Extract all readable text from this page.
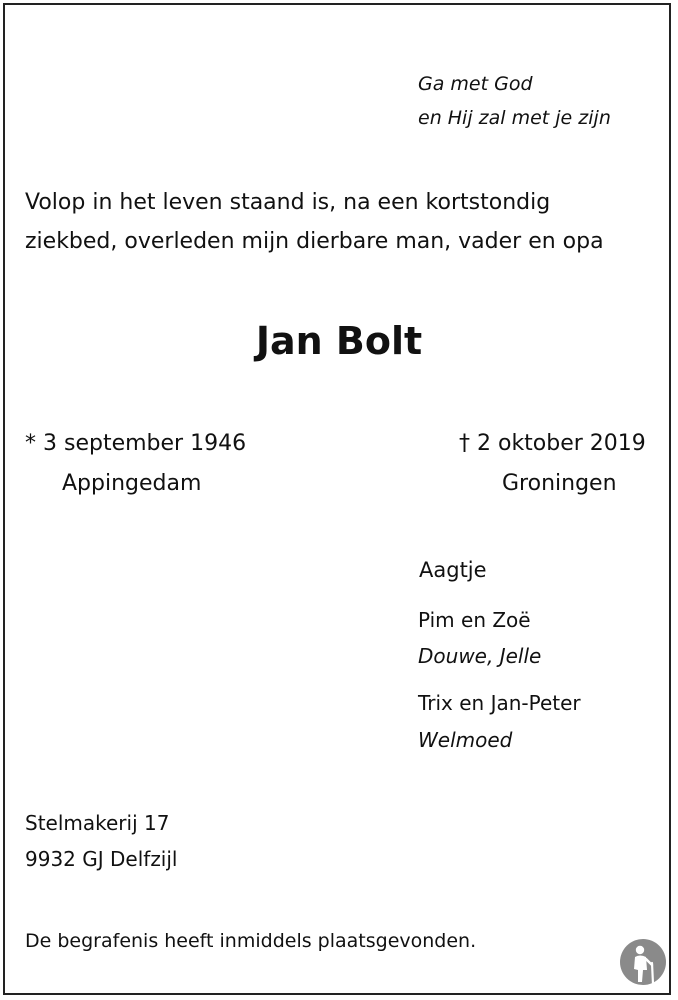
Ga met God
en Hij zal met je zijn
Volop in het leven staand is, na een kortstondig
ziekbed, overleden mijn dierbare man, vader en opa
Jan Bolt
* 3 september 1946
Appingedam
† 2 oktober 2019
Groningen
Aagtje
Pim en Zoë
Douwe, Jelle
Trix en Jan-Peter
Welmoed
Stelmakerij 17
9932 GJ Delfzijl
De begrafenis heeft inmiddels plaatsgevonden.
